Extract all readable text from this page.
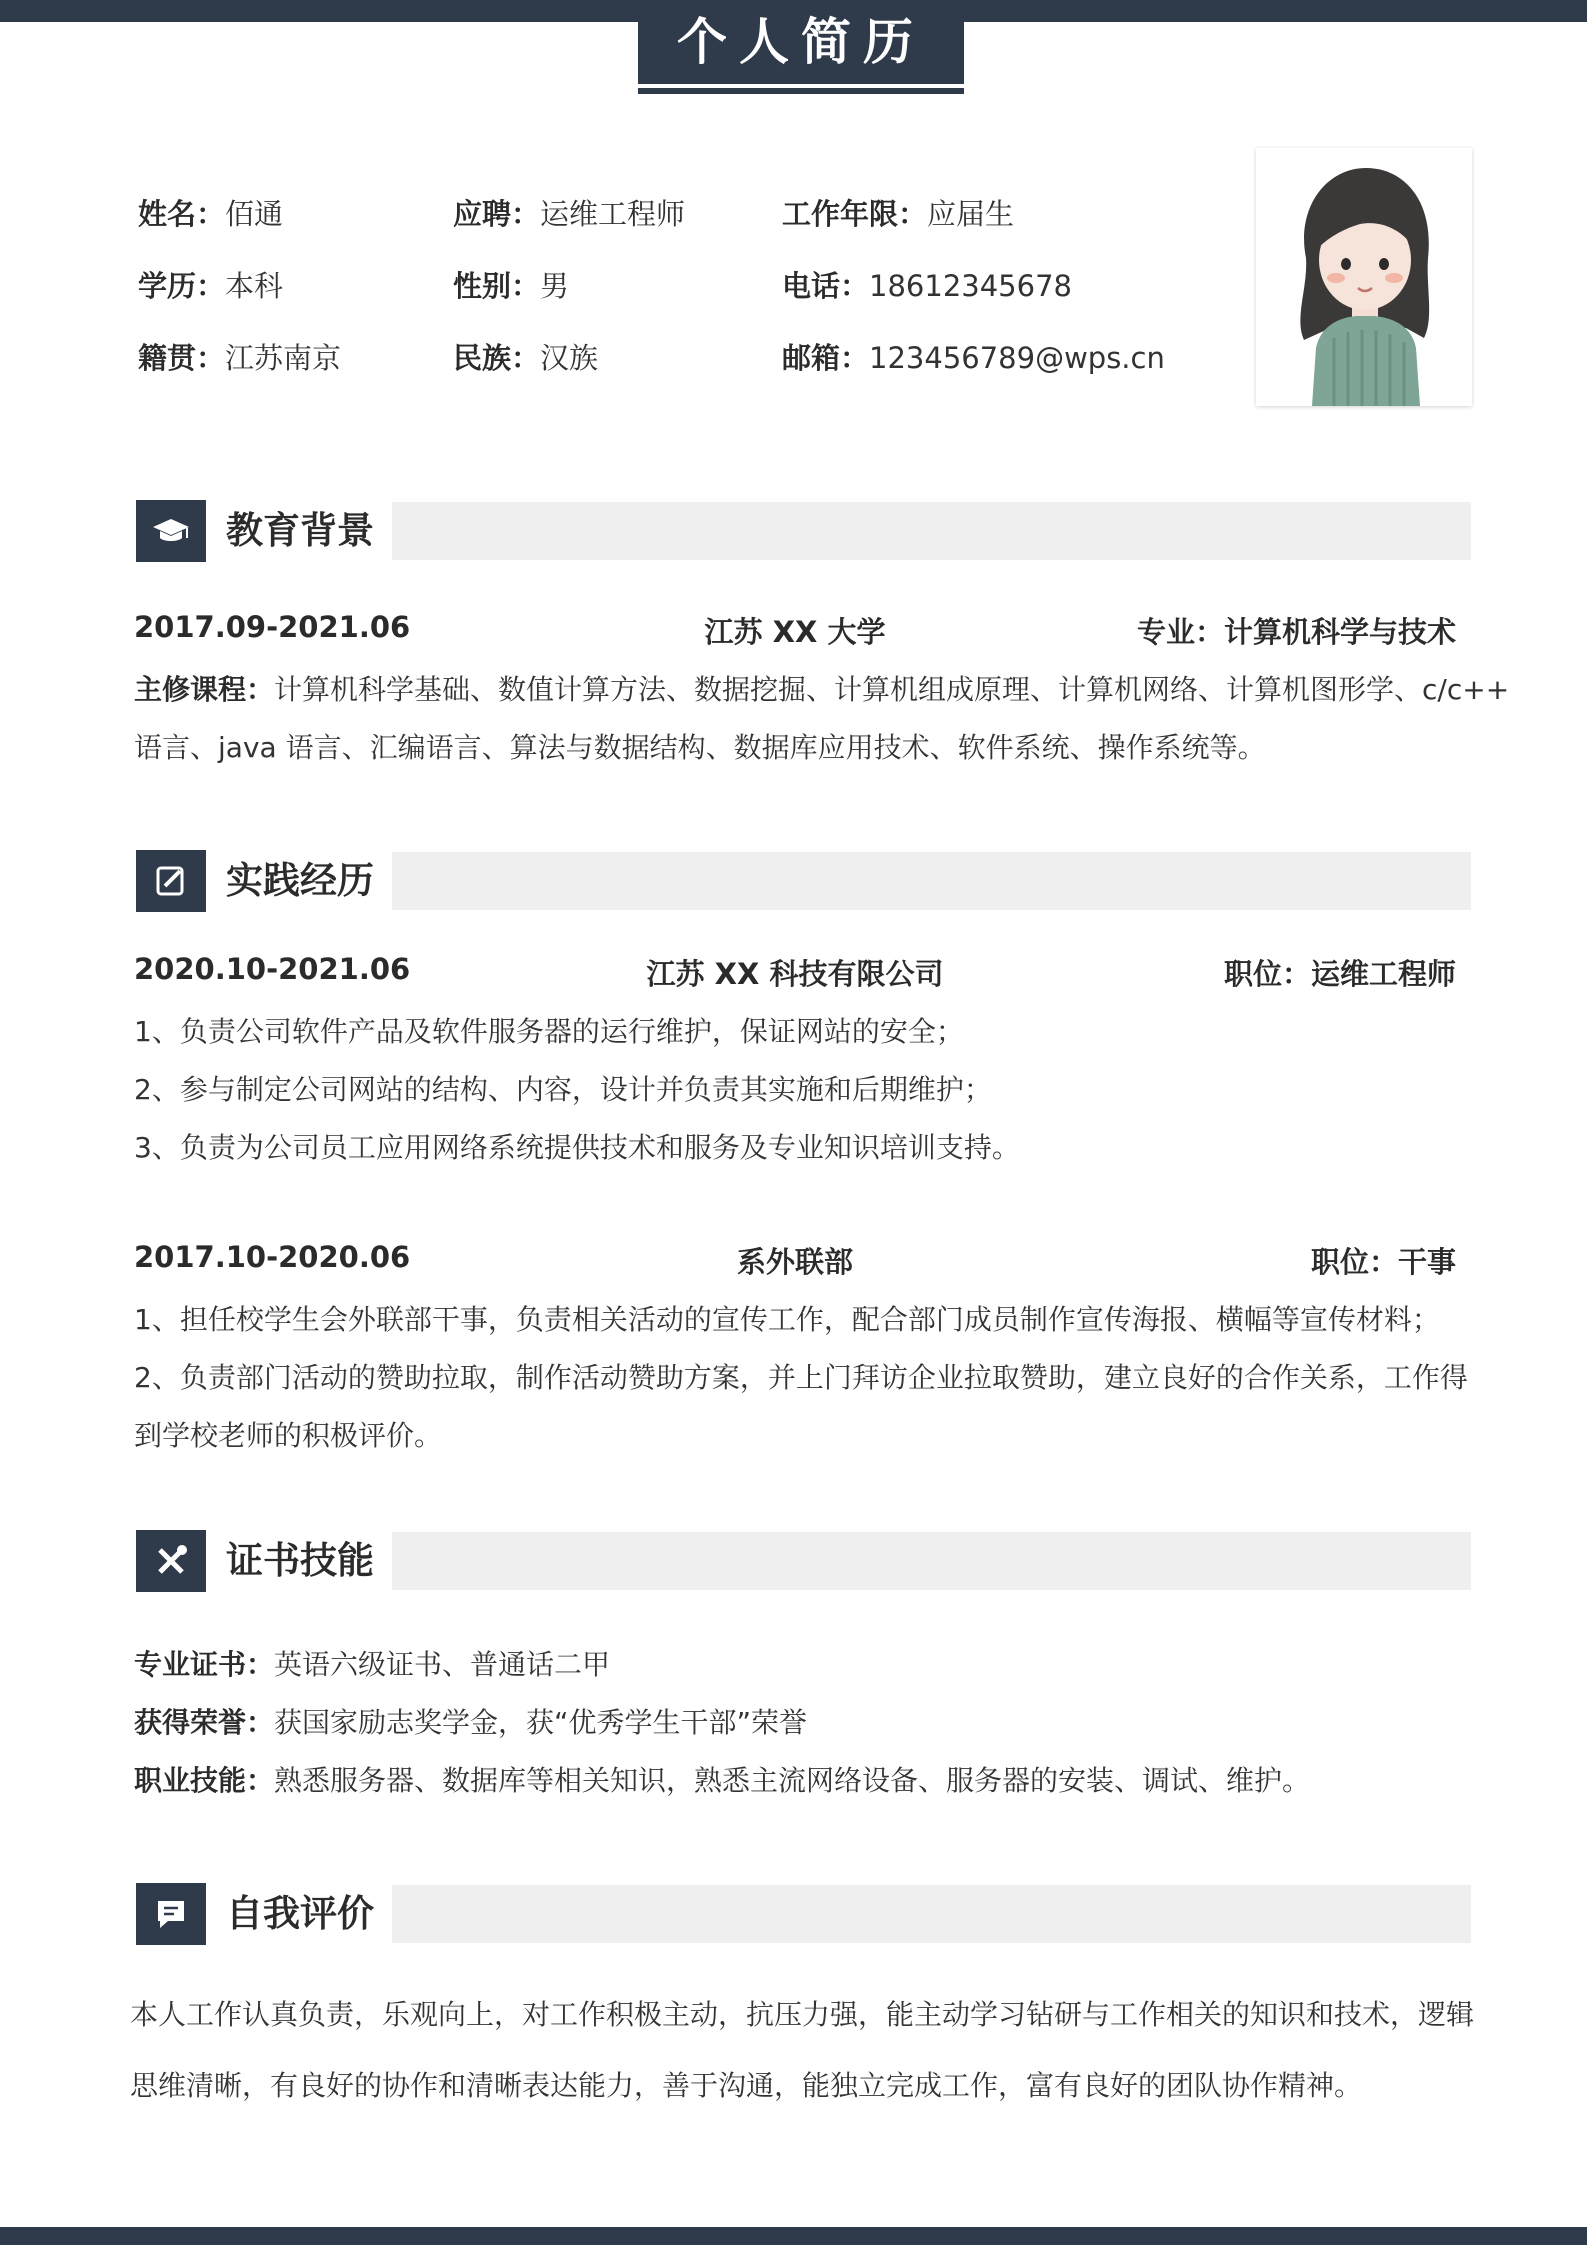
个人简历
姓名：佰通	应聘：运维工程师	工作年限：应届生
学历：本科	性别：男	电话：18612345678
籍贯：江苏南京	民族：汉族	邮箱：123456789@wps.cn
教育背景
2017.09-2021.06	江苏 XX 大学	专业：计算机科学与技术
主修课程：计算机科学基础、数值计算方法、数据挖掘、计算机组成原理、计算机网络、计算机图形学、c/c++
语言、java 语言、汇编语言、算法与数据结构、数据库应用技术、软件系统、操作系统等。
实践经历
2020.10-2021.06	江苏 XX 科技有限公司	职位：运维工程师
1、负责公司软件产品及软件服务器的运行维护，保证网站的安全；
2、参与制定公司网站的结构、内容，设计并负责其实施和后期维护；
3、负责为公司员工应用网络系统提供技术和服务及专业知识培训支持。
2017.10-2020.06	系外联部	职位：干事
1、担任校学生会外联部干事，负责相关活动的宣传工作，配合部门成员制作宣传海报、横幅等宣传材料；
2、负责部门活动的赞助拉取，制作活动赞助方案，并上门拜访企业拉取赞助，建立良好的合作关系，工作得
到学校老师的积极评价。
证书技能
专业证书：英语六级证书、普通话二甲
获得荣誉：获国家励志奖学金，获“优秀学生干部”荣誉
职业技能：熟悉服务器、数据库等相关知识，熟悉主流网络设备、服务器的安装、调试、维护。
自我评价
本人工作认真负责，乐观向上，对工作积极主动，抗压力强，能主动学习钻研与工作相关的知识和技术，逻辑
思维清晰，有良好的协作和清晰表达能力，善于沟通，能独立完成工作，富有良好的团队协作精神。
